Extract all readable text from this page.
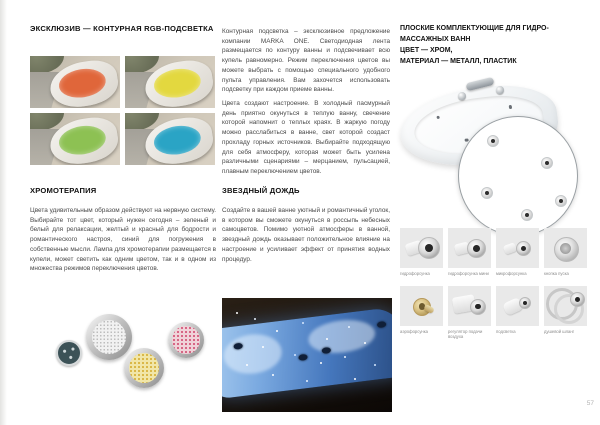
ЭКСКЛЮЗИВ — КОНТУРНАЯ RGB-ПОДСВЕТКА
ХРОМОТЕРАПИЯ
Цвета удивительным образом действуют на нервную систему. Выбирайте тот цвет, который нужен сегодня – зеленый и белый для релаксации, желтый и красный для бодрости и романтического настроя, синий для погружения в собственные мысли. Лампа для хромотерапии размещается в купели, может светить как одним цветом, так и в одном из множества режимов переключения цветов.
Контурная подсветка – эксклюзивное предложение компании MARKA ONE. Светодиодная лента размещается по контуру ванны и подсвечивает всю купель равномерно. Режим переключения цветов вы можете выбрать с помощью специального удобного пульта управления. Вам захочется использовать подсветку при каждом приеме ванны.
Цвета создают настроение. В холодный пасмурный день приятно окунуться в теплую ванну, свечение которой напомнит о теплых краях. В жаркую погоду можно расслабиться в ванне, свет которой создаст прохладу горных источников. Выбирайте подходящую для себя атмосферу, которая может быть усилена различными сценариями – мерцанием, пульсацией, плавным переключением цветов.
ЗВЕЗДНЫЙ ДОЖДЬ
Создайте в вашей ванне уютный и романтичный уголок, в котором вы сможете окунуться в россыпь небесных самоцветов. Помимо уютной атмосферы в ванной, звездный дождь оказывает положительное влияние на настроение и усиливает эффект от принятия водных процедур.
ПЛОСКИЕ КОМПЛЕКТУЮЩИЕ ДЛЯ ГИДРО-
МАССАЖНЫХ ВАНН
ЦВЕТ — ХРОМ,
МАТЕРИАЛ — МЕТАЛЛ, ПЛАСТИК
гидрофорсунка	гидрофорсунка мини	микрофорсунка	кнопка пуска
аэрофорсунка	регулятор подачи воздуха
подсветка	душевой шланг
57
